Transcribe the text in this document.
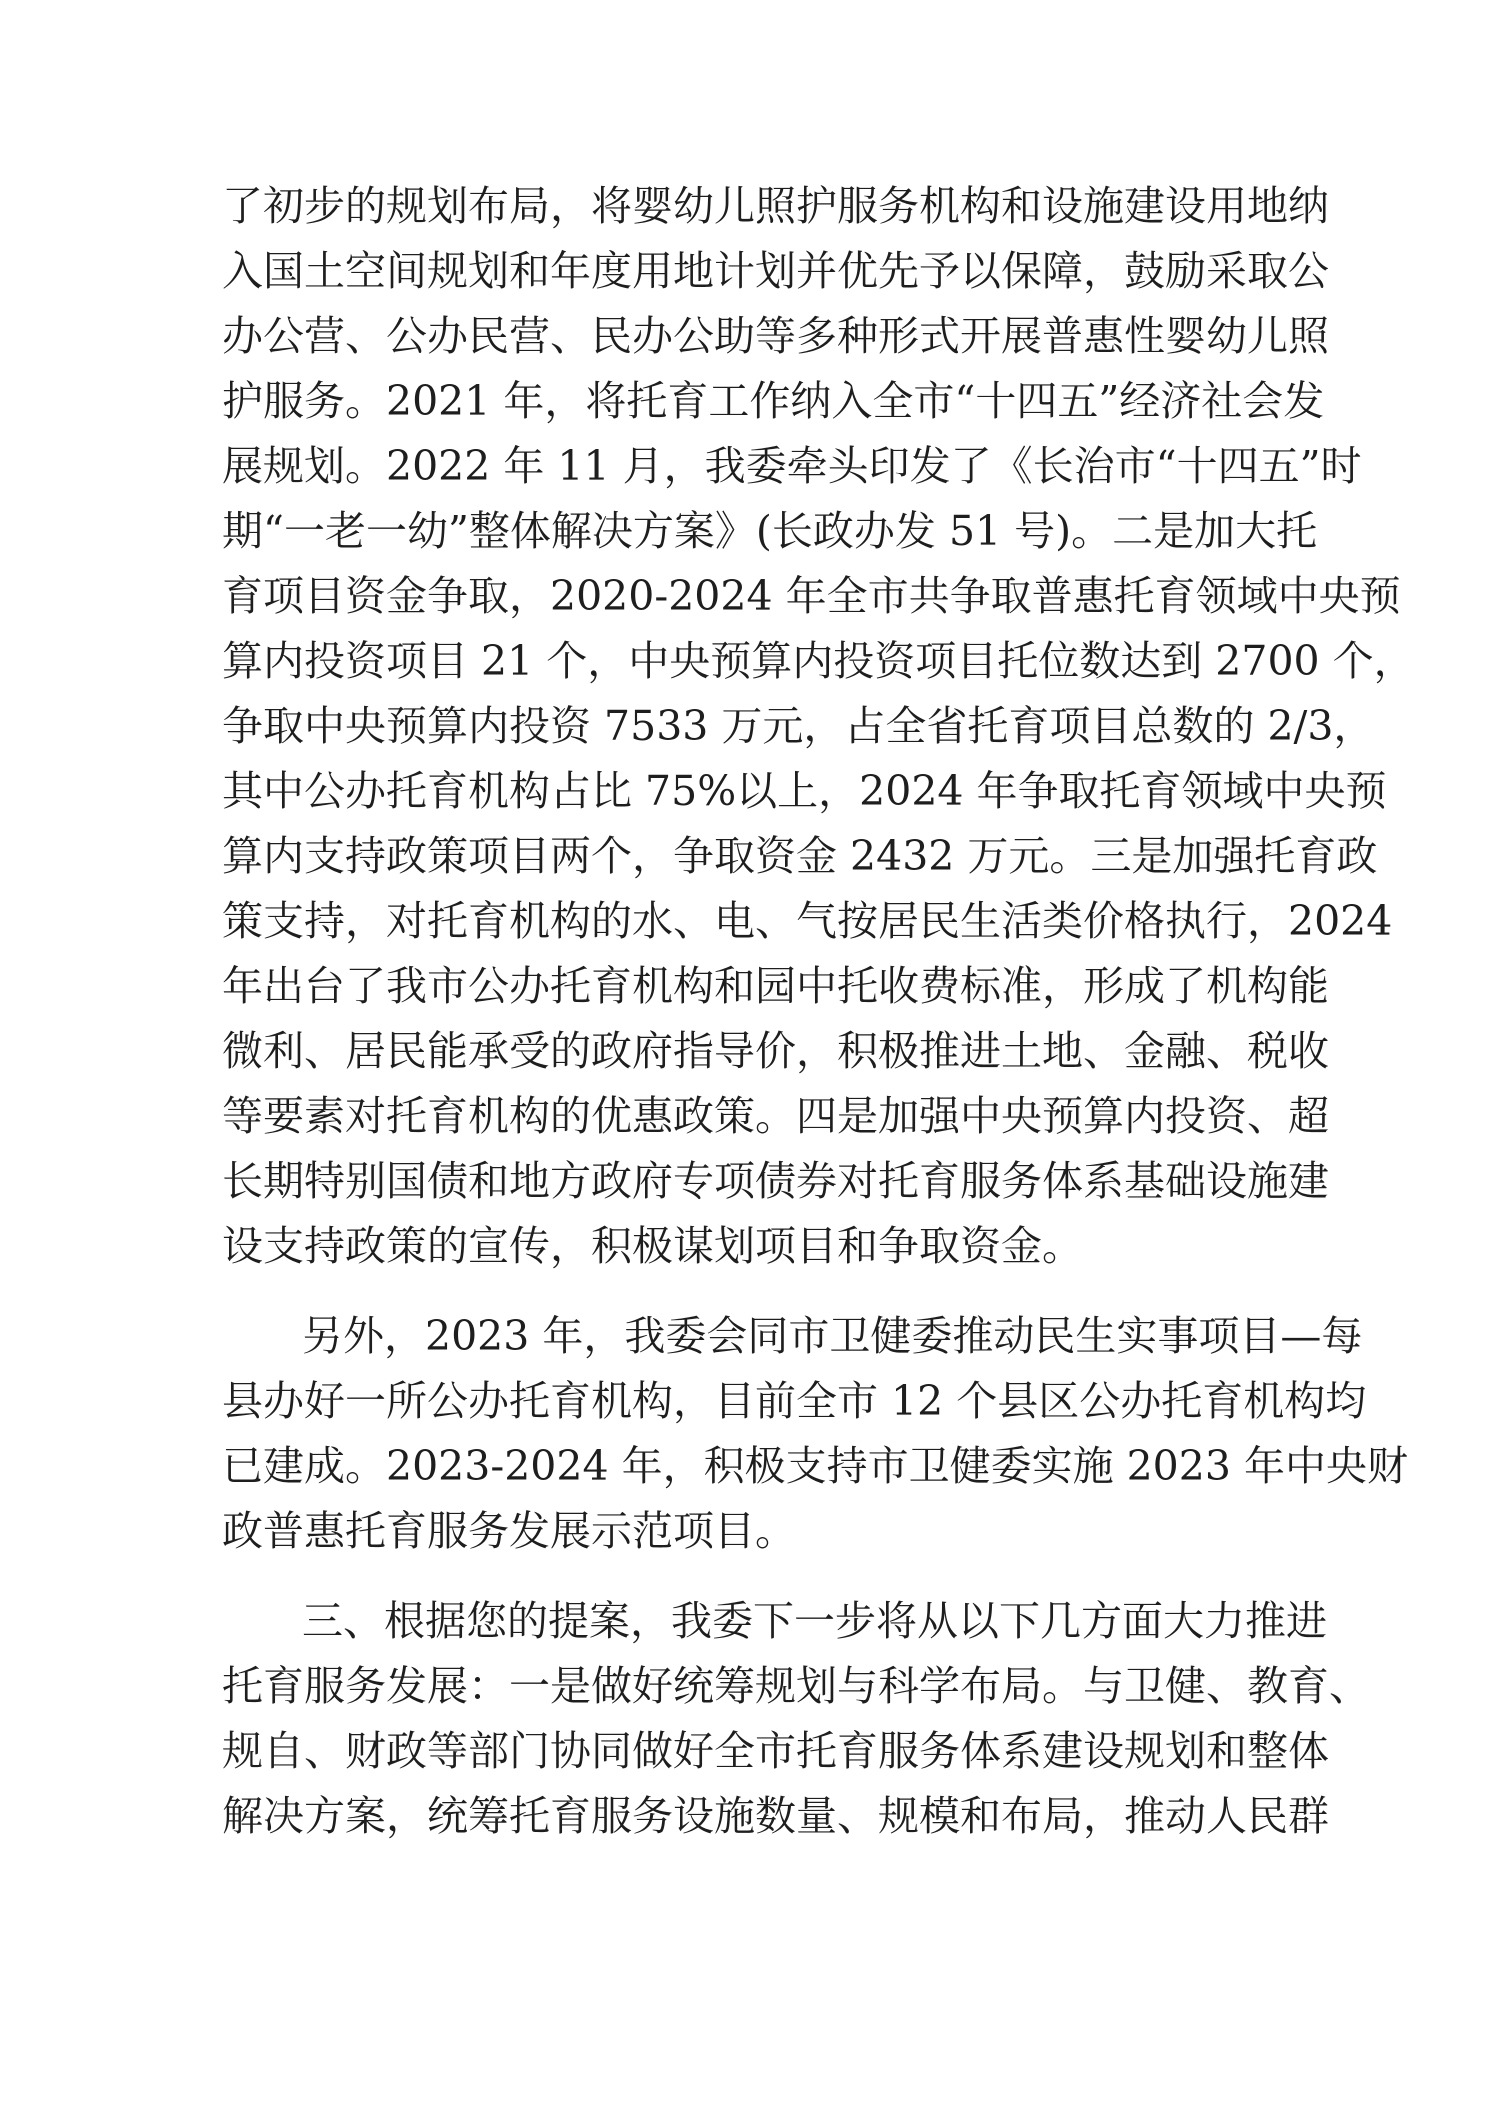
了初步的规划布局，将婴幼儿照护服务机构和设施建设用地纳
入国土空间规划和年度用地计划并优先予以保障，鼓励采取公
办公营、公办民营、民办公助等多种形式开展普惠性婴幼儿照
护服务。2021 年，将托育工作纳入全市“十四五”经济社会发
展规划。2022 年 11 月，我委牵头印发了《长治市“十四五”时
期“一老一幼”整体解决方案》(长政办发 51 号)。二是加大托
育项目资金争取，2020-2024 年全市共争取普惠托育领域中央预
算内投资项目 21 个，中央预算内投资项目托位数达到 2700 个，
争取中央预算内投资 7533 万元，占全省托育项目总数的 2/3，
其中公办托育机构占比 75%以上，2024 年争取托育领域中央预
算内支持政策项目两个，争取资金 2432 万元。三是加强托育政
策支持，对托育机构的水、电、气按居民生活类价格执行，2024
年出台了我市公办托育机构和园中托收费标准，形成了机构能
微利、居民能承受的政府指导价，积极推进土地、金融、税收
等要素对托育机构的优惠政策。四是加强中央预算内投资、超
长期特别国债和地方政府专项债券对托育服务体系基础设施建
设支持政策的宣传，积极谋划项目和争取资金。
另外，2023 年，我委会同市卫健委推动民生实事项目—每
县办好一所公办托育机构，目前全市 12 个县区公办托育机构均
已建成。2023-2024 年，积极支持市卫健委实施 2023 年中央财
政普惠托育服务发展示范项目。
三、根据您的提案，我委下一步将从以下几方面大力推进
托育服务发展：一是做好统筹规划与科学布局。与卫健、教育、
规自、财政等部门协同做好全市托育服务体系建设规划和整体
解决方案，统筹托育服务设施数量、规模和布局，推动人民群
